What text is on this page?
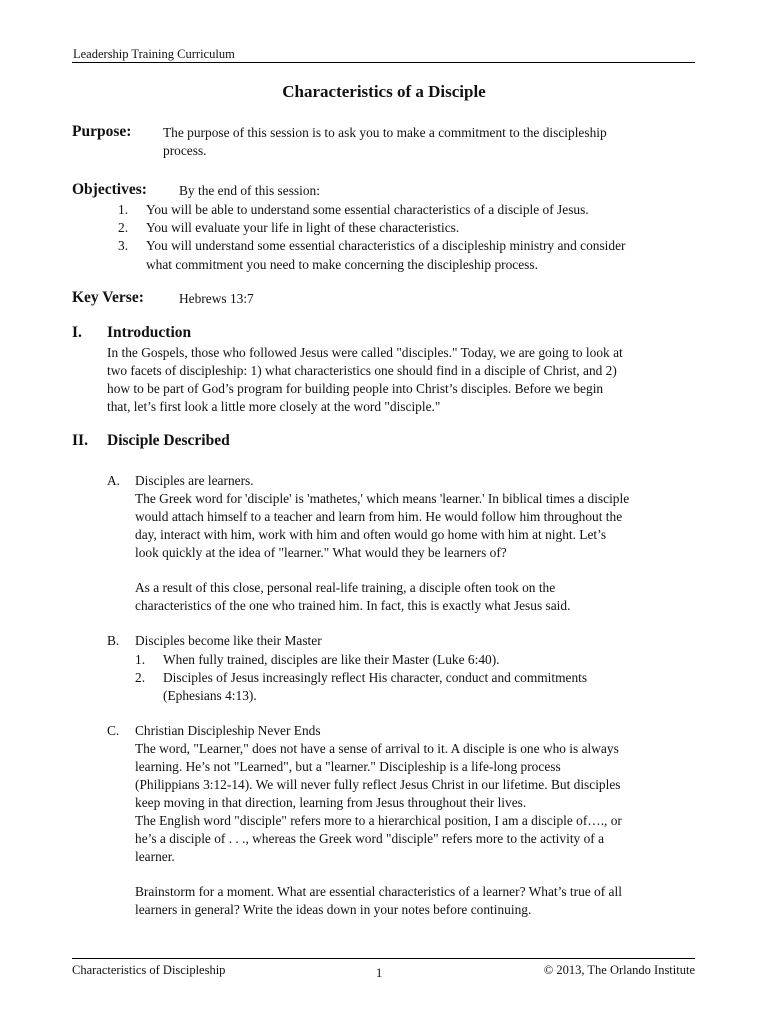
Leadership Training Curriculum
Characteristics of a Disciple
Purpose: The purpose of this session is to ask you to make a commitment to the discipleship
process.
Objectives: By the end of this session:
1. You will be able to understand some essential characteristics of a disciple of Jesus.
2. You will evaluate your life in light of these characteristics.
3. You will understand some essential characteristics of a discipleship ministry and consider
what commitment you need to make concerning the discipleship process.
Key Verse:	Hebrews 13:7
I. Introduction
In the Gospels, those who followed Jesus were called "disciples." Today, we are going to look at
two facets of discipleship: 1) what characteristics one should find in a disciple of Christ, and 2)
how to be part of God’s program for building people into Christ’s disciples. Before we begin
that, let’s first look a little more closely at the word "disciple."
II. Disciple Described
A. Disciples are learners.
The Greek word for 'disciple' is 'mathetes,' which means 'learner.' In biblical times a disciple
would attach himself to a teacher and learn from him. He would follow him throughout the
day, interact with him, work with him and often would go home with him at night. Let’s
look quickly at the idea of "learner." What would they be learners of?
As a result of this close, personal real-life training, a disciple often took on the
characteristics of the one who trained him. In fact, this is exactly what Jesus said.
B. Disciples become like their Master
1. When fully trained, disciples are like their Master (Luke 6:40).
2. Disciples of Jesus increasingly reflect His character, conduct and commitments
(Ephesians 4:13).
C. Christian Discipleship Never Ends
The word, "Learner," does not have a sense of arrival to it. A disciple is one who is always
learning. He’s not "Learned", but a "learner." Discipleship is a life-long process
(Philippians 3:12-14). We will never fully reflect Jesus Christ in our lifetime. But disciples
keep moving in that direction, learning from Jesus throughout their lives.
The English word "disciple" refers more to a hierarchical position, I am a disciple of…., or
he’s a disciple of . . ., whereas the Greek word "disciple" refers more to the activity of a
learner.
Brainstorm for a moment. What are essential characteristics of a learner? What’s true of all
learners in general? Write the ideas down in your notes before continuing.
Characteristics of Discipleship	1	© 2013, The Orlando Institute
